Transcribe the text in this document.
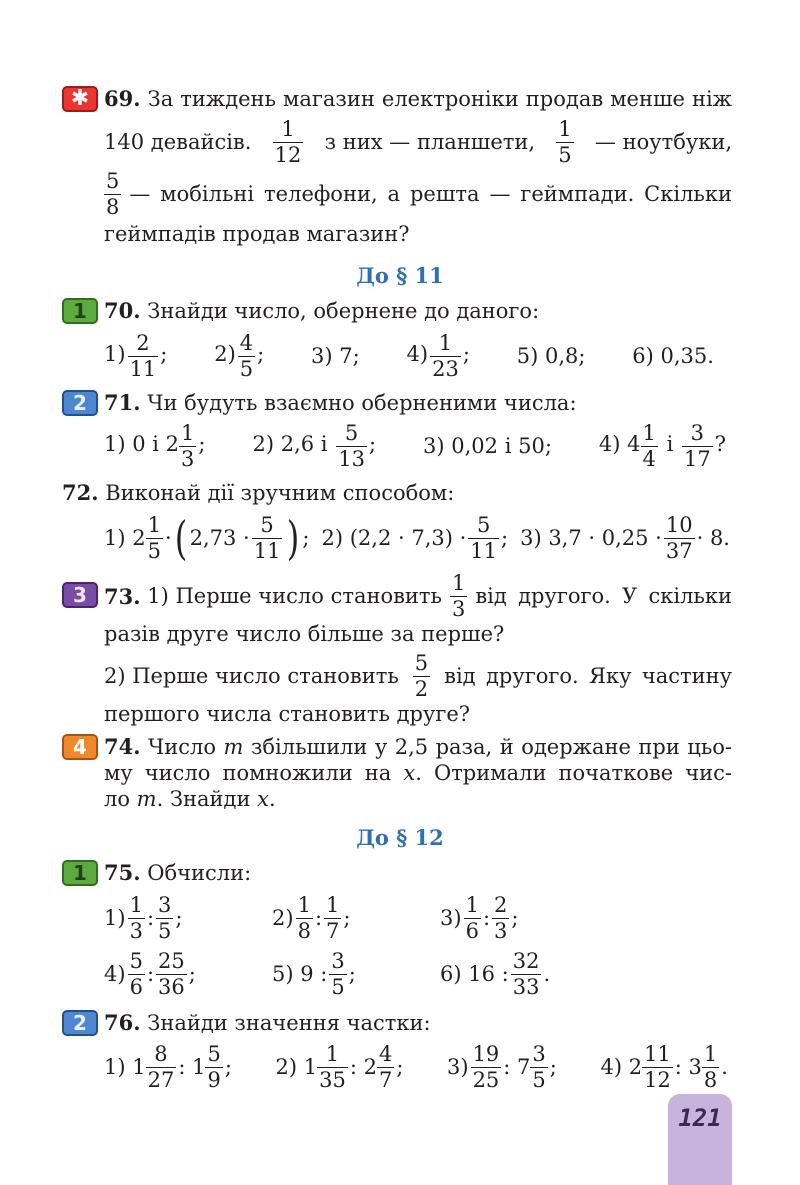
✱ 69. За тиждень магазин електроніки продав менше ніж
140 девайсів.
1
12
з них — планшети,
1
5
— ноутбуки,
5
8
— мобільні телефони, а решта — геймпади. Скільки
геймпадів продав магазин?
До § 11
1 70. Знайди число, обернене до даного:
$1) \frac{2}{11}$ ; $2) \frac{4}{5}$ ; 3) 7; $4) \frac{1}{23}$ ; 5) 0,8; 6) 0,35.
2 71. Чи будуть взаємно оберненими числа:
1) 0 і $2 \frac{1}{3}$ ; 2) 2,6 і $\frac{5}{13}$ ; 3) 0,02 і 50; 4) $4 \frac{1}{4}$ і $\frac{3}{17}$ ?
72. Виконай дії зручним способом:
1) 2
1
5
· ( 2,73 ·
5
11 ) ; 2) (2,2 · 7,3) ·
5
11
; 3) 3,7 · 0,25 ·
10
37
· 8.
3 73.
1) Перше число становить
1
3
від другого. У скільки
разів друге число більше за перше?
2) Перше число становить
5
2
від другого. Яку частину
першого числа становить друге?
4 74. Число m збільшили у 2,5 раза, й одержане при цьо-
му число помножили на x. Отримали початкове чис-
ло m. Знайди x.
До § 12
1 75. Обчисли:
1)
1
3
:
3
5
;	2)
1
8
:
1
7
;	3)
1
6
:
2
3
;
4)
5
6
:
25
36
;	5) 9 :
3
5
;	6) 16 :
32
33
.
2 76. Знайди значення частки:
1) 1
8
27
: 1
5
9
; 2) 1
1
35
: 2
4
7
; 3)
19
25
: 7
3
5
; 4) 2
11
12
: 3
1
8
.
121
